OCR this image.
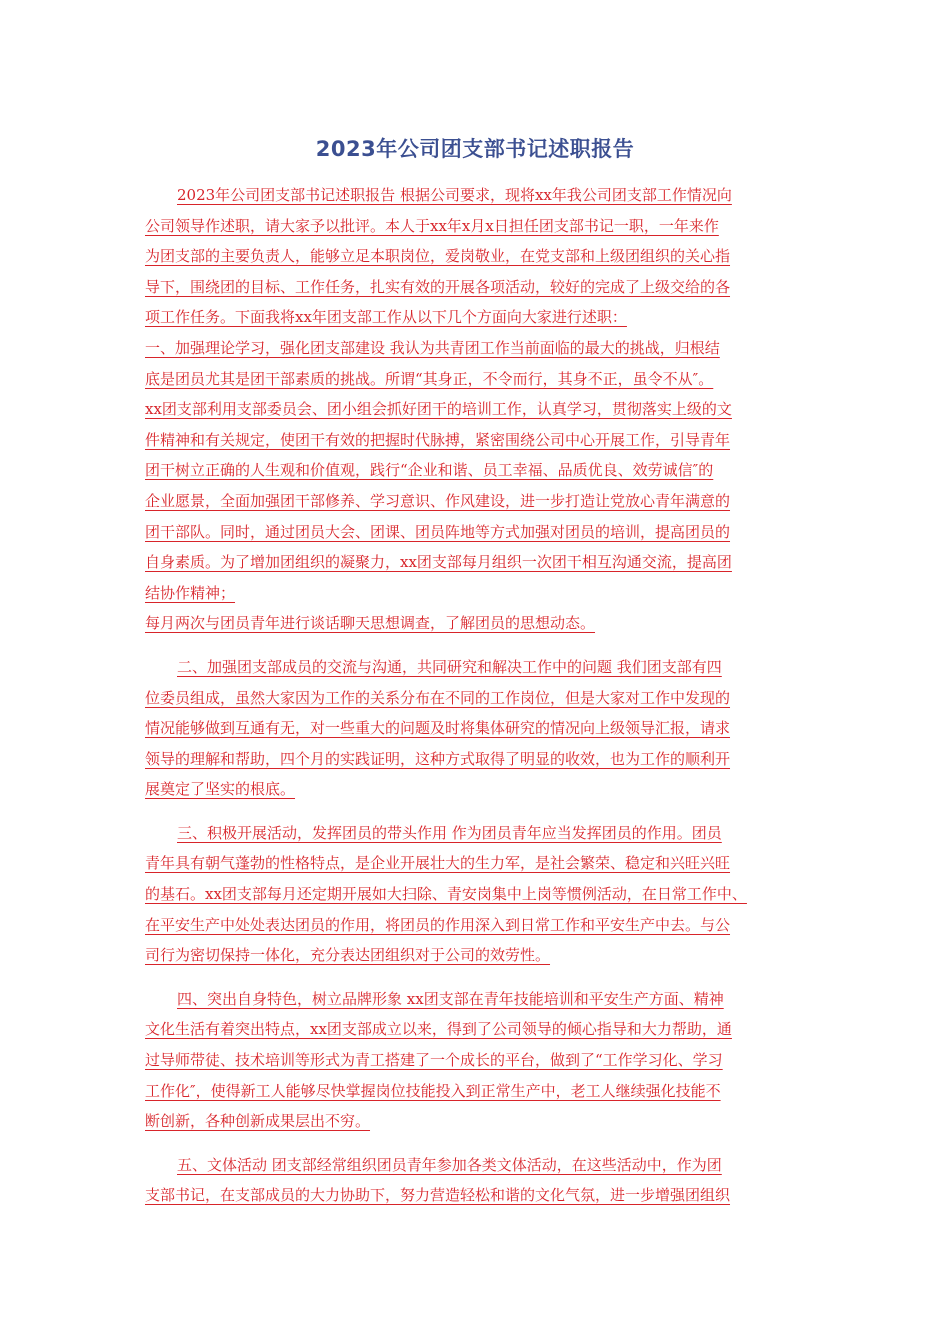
2023年公司团支部书记述职报告
2023年公司团支部书记述职报告 根据公司要求，现将xx年我公司团支部工作情况向
公司领导作述职，请大家予以批评。本人于xx年x月x日担任团支部书记一职，一年来作
为团支部的主要负责人，能够立足本职岗位，爱岗敬业，在党支部和上级团组织的关心指
导下，围绕团的目标、工作任务，扎实有效的开展各项活动，较好的完成了上级交给的各
项工作任务。下面我将xx年团支部工作从以下几个方面向大家进行述职：
一、加强理论学习，强化团支部建设 我认为共青团工作当前面临的最大的挑战，归根结
底是团员尤其是团干部素质的挑战。所谓“其身正，不令而行，其身不正，虽令不从″。
xx团支部利用支部委员会、团小组会抓好团干的培训工作，认真学习，贯彻落实上级的文
件精神和有关规定，使团干有效的把握时代脉搏，紧密围绕公司中心开展工作，引导青年
团干树立正确的人生观和价值观，践行“企业和谐、员工幸福、品质优良、效劳诚信″的
企业愿景，全面加强团干部修养、学习意识、作风建设，进一步打造让党放心青年满意的
团干部队。同时，通过团员大会、团课、团员阵地等方式加强对团员的培训，提高团员的
自身素质。为了增加团组织的凝聚力，xx团支部每月组织一次团干相互沟通交流，提高团
结协作精神；
每月两次与团员青年进行谈话聊天思想调查，了解团员的思想动态。
二、加强团支部成员的交流与沟通，共同研究和解决工作中的问题 我们团支部有四
位委员组成，虽然大家因为工作的关系分布在不同的工作岗位，但是大家对工作中发现的
情况能够做到互通有无，对一些重大的问题及时将集体研究的情况向上级领导汇报，请求
领导的理解和帮助，四个月的实践证明，这种方式取得了明显的收效，也为工作的顺利开
展奠定了坚实的根底。
三、积极开展活动，发挥团员的带头作用 作为团员青年应当发挥团员的作用。团员
青年具有朝气蓬勃的性格特点，是企业开展壮大的生力军，是社会繁荣、稳定和兴旺兴旺
的基石。xx团支部每月还定期开展如大扫除、青安岗集中上岗等惯例活动，在日常工作中、
在平安生产中处处表达团员的作用，将团员的作用深入到日常工作和平安生产中去。与公
司行为密切保持一体化，充分表达团组织对于公司的效劳性。
四、突出自身特色，树立品牌形象 xx团支部在青年技能培训和平安生产方面、精神
文化生活有着突出特点，xx团支部成立以来，得到了公司领导的倾心指导和大力帮助，通
过导师带徒、技术培训等形式为青工搭建了一个成长的平台，做到了“工作学习化、学习
工作化″，使得新工人能够尽快掌握岗位技能投入到正常生产中，老工人继续强化技能不
断创新，各种创新成果层出不穷。
五、文体活动 团支部经常组织团员青年参加各类文体活动，在这些活动中，作为团
支部书记，在支部成员的大力协助下，努力营造轻松和谐的文化气氛，进一步增强团组织
